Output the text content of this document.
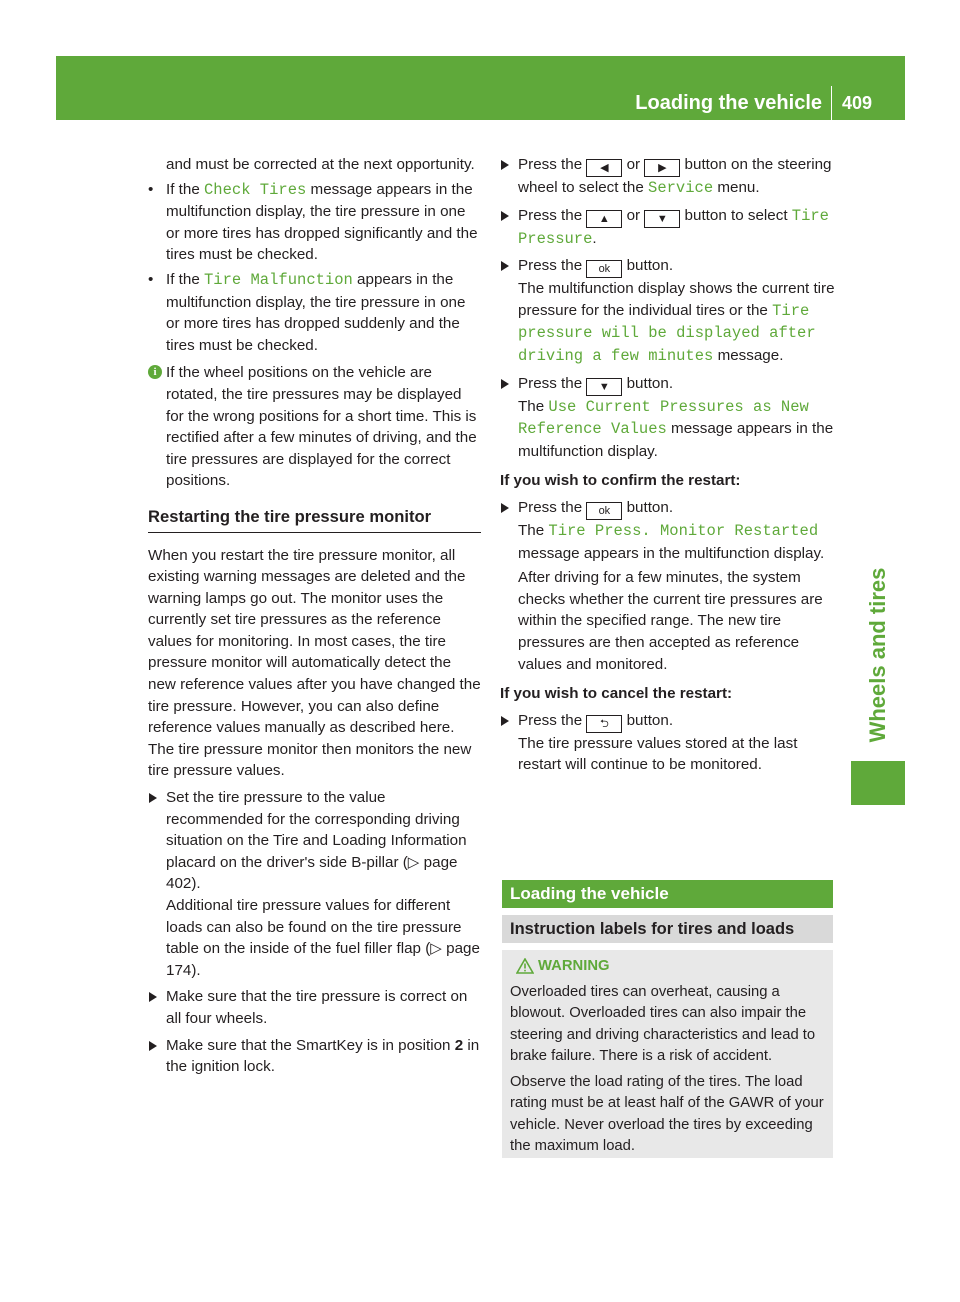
Loading the vehicle 409
Wheels and tires

and must be corrected at the next opportunity.

• If the Check Tires message appears in the multifunction display, the tire pressure in one or more tires has dropped significantly and the tires must be checked.
• If the Tire Malfunction appears in the multifunction display, the tire pressure in one or more tires has dropped suddenly and the tires must be checked.
i If the wheel positions on the vehicle are rotated, the tire pressures may be displayed for the wrong positions for a short time. This is rectified after a few minutes of driving, and the tire pressures are displayed for the correct positions.
Restarting the tire pressure monitor

When you restart the tire pressure monitor, all existing warning messages are deleted and the warning lamps go out. The monitor uses the currently set tire pressures as the reference values for monitoring. In most cases, the tire pressure monitor will automatically detect the new reference values after you have changed the tire pressure. However, you can also define reference values manually as described here. The tire pressure monitor then monitors the new tire pressure values.

Set the tire pressure to the value recommended for the corresponding driving situation on the Tire and Loading Information placard on the driver's side B-pillar (▷ page 402).

Additional tire pressure values for different loads can also be found on the tire pressure table on the inside of the fuel filler flap (▷ page 174).

Make sure that the tire pressure is correct on all four wheels.
Make sure that the SmartKey is in position 2 in the ignition lock.
Press the ◀ or ▶ button on the steering wheel to select the Service menu.
Press the ▲ or ▼ button to select Tire Pressure.
Press the ok button.

The multifunction display shows the current tire pressure for the individual tires or the Tire pressure will be displayed after driving a few minutes message.

Press the ▼ button.

The Use Current Pressures as New Reference Values message appears in the multifunction display.

If you wish to confirm the restart:

Press the ok button.

The Tire Press. Monitor Restarted message appears in the multifunction display.

After driving for a few minutes, the system checks whether the current tire pressures are within the specified range. The new tire pressures are then accepted as reference values and monitored.

If you wish to cancel the restart:

Press the ⮌ button.

The tire pressure values stored at the last restart will continue to be monitored.

Loading the vehicle
Instruction labels for tires and loads

WARNING

Overloaded tires can overheat, causing a blowout. Overloaded tires can also impair the steering and driving characteristics and lead to brake failure. There is a risk of accident.

Observe the load rating of the tires. The load rating must be at least half of the GAWR of your vehicle. Never overload the tires by exceeding the maximum load.
